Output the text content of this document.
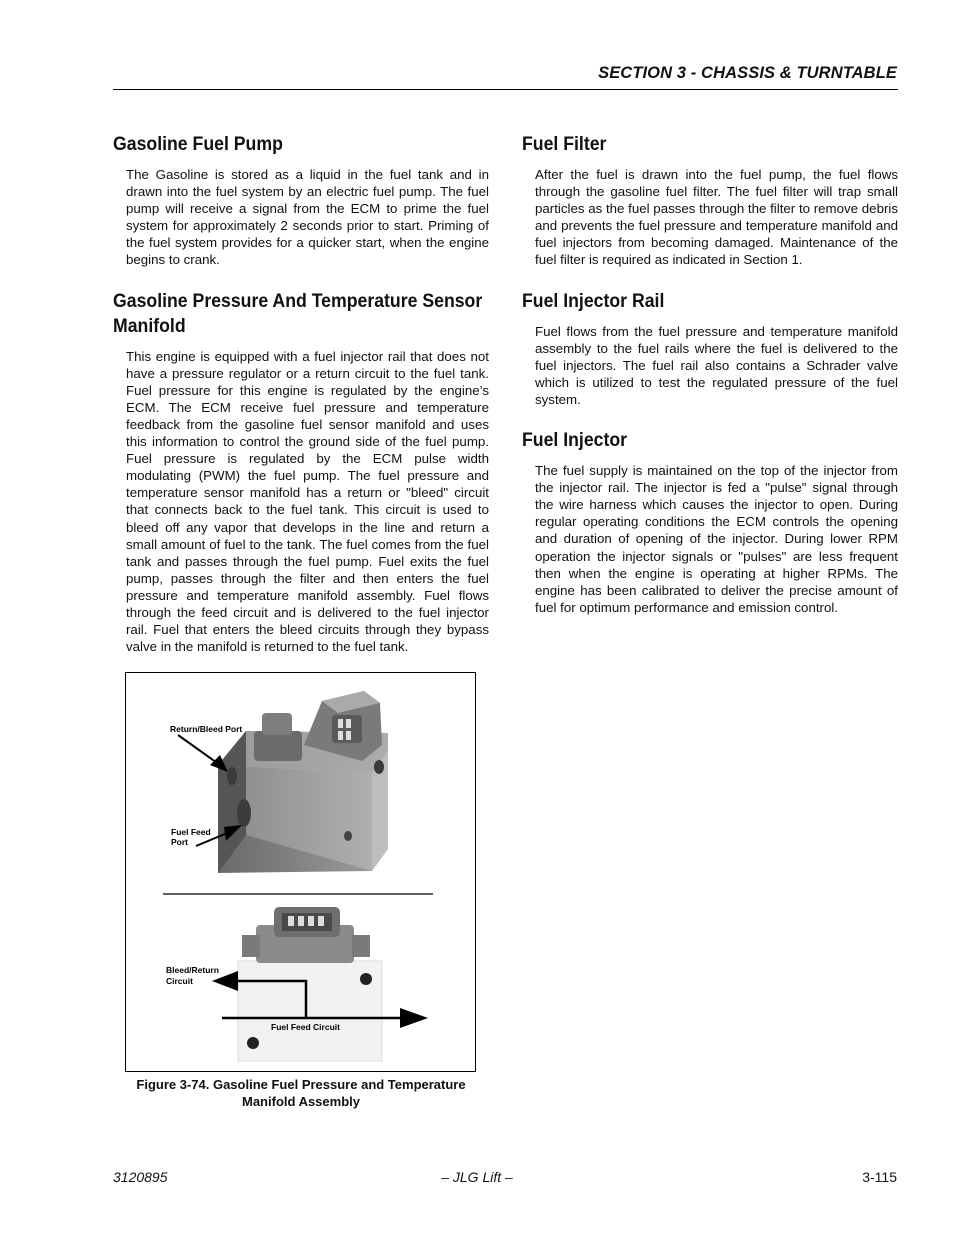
SECTION 3 - CHASSIS & TURNTABLE
Gasoline Fuel Pump

The Gasoline is stored as a liquid in the fuel tank and in drawn into the fuel system by an electric fuel pump. The fuel pump will receive a signal from the ECM to prime the fuel system for approximately 2 seconds prior to start. Priming of the fuel system provides for a quicker start, when the engine begins to crank.

Gasoline Pressure And Temperature Sensor Manifold

This engine is equipped with a fuel injector rail that does not have a pressure regulator or a return circuit to the fuel tank. Fuel pressure for this engine is regulated by the engine’s ECM. The ECM receive fuel pressure and temperature feedback from the gasoline fuel sensor manifold and uses this information to control the ground side of the fuel pump. Fuel pressure is regulated by the ECM pulse width modulating (PWM) the fuel pump. The fuel pressure and temperature sensor manifold has a return or "bleed" circuit that connects back to the fuel tank. This circuit is used to bleed off any vapor that develops in the line and return a small amount of fuel to the tank. The fuel comes from the fuel tank and passes through the fuel pump. Fuel exits the fuel pump, passes through the filter and then enters the fuel pressure and temperature manifold assembly. Fuel flows through the feed circuit and is delivered to the fuel injector rail. Fuel that enters the bleed circuits through they bypass valve in the manifold is returned to the fuel tank.

Fuel Filter

After the fuel is drawn into the fuel pump, the fuel flows through the gasoline fuel filter. The fuel filter will trap small particles as the fuel passes through the filter to remove debris and prevents the fuel pressure and temperature manifold and fuel injectors from becoming damaged. Maintenance of the fuel filter is required as indicated in Section 1.

Fuel Injector Rail

Fuel flows from the fuel pressure and temperature manifold assembly to the fuel rails where the fuel is delivered to the fuel injectors. The fuel rail also contains a Schrader valve which is utilized to test the regulated pressure of the fuel system.

Fuel Injector

The fuel supply is maintained on the top of the injector from the injector rail. The injector is fed a "pulse" signal through the wire harness which causes the injector to open. During regular operating conditions the ECM controls the opening and duration of opening of the injector. During lower RPM operation the injector signals or "pulses" are less frequent then when the engine is operating at higher RPMs. The engine has been calibrated to deliver the precise amount of fuel for optimum performance and emission control.

Return/Bleed Port
Fuel Feed
Port
Bleed/Return
Circuit
Fuel Feed Circuit
Figure 3-74. Gasoline Fuel Pressure and Temperature
Manifold Assembly
3120895	– JLG Lift –	3-115
